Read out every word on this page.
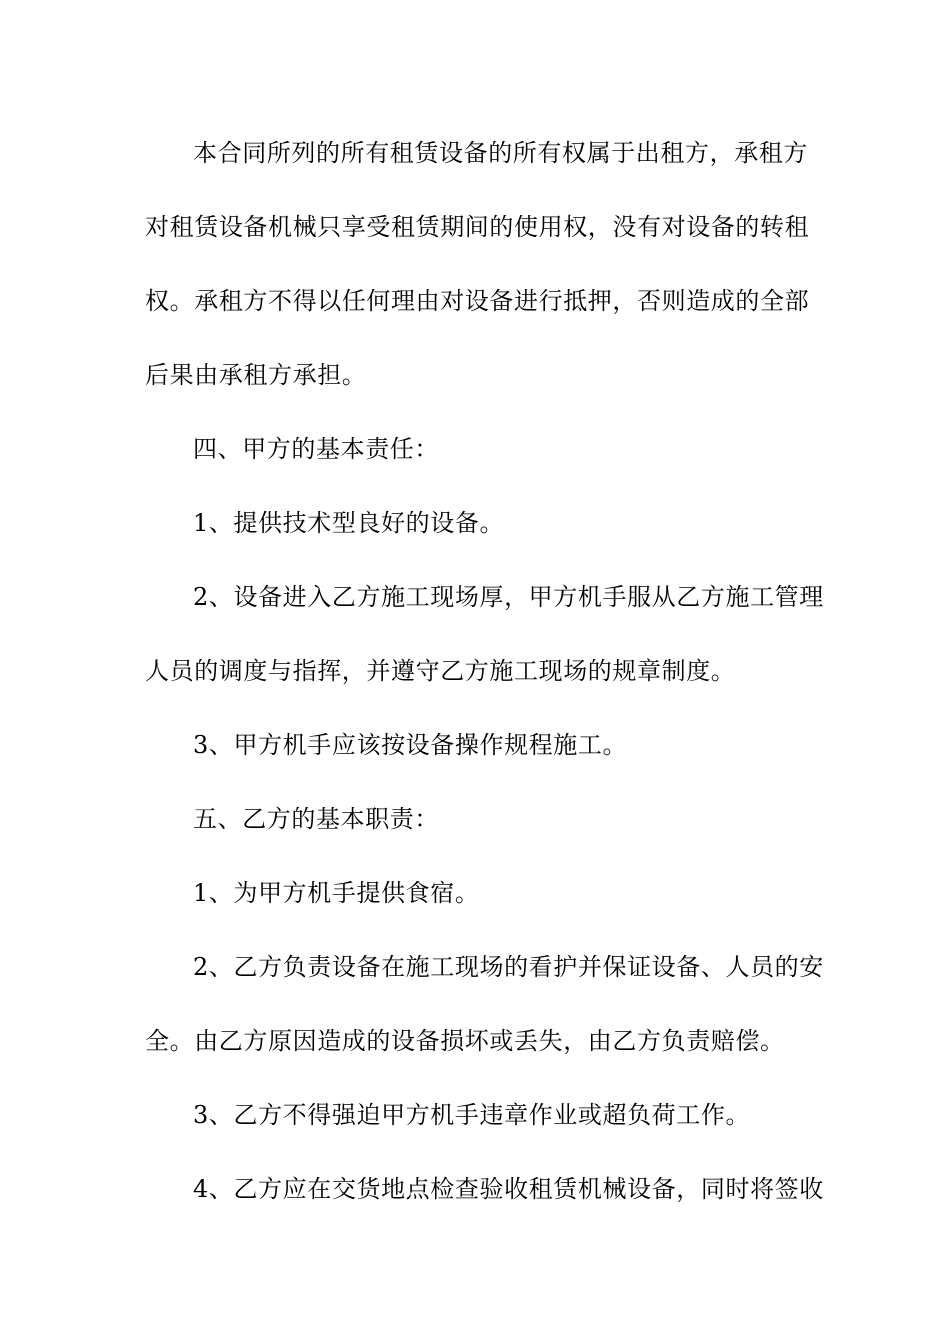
本合同所列的所有租赁设备的所有权属于出租方，承租方
对租赁设备机械只享受租赁期间的使用权，没有对设备的转租
权。承租方不得以任何理由对设备进行抵押，否则造成的全部
后果由承租方承担。
四、甲方的基本责任：
1、提供技术型良好的设备。
2、设备进入乙方施工现场厚，甲方机手服从乙方施工管理
人员的调度与指挥，并遵守乙方施工现场的规章制度。
3、甲方机手应该按设备操作规程施工。
五、乙方的基本职责：
1、为甲方机手提供食宿。
2、乙方负责设备在施工现场的看护并保证设备、人员的安
全。由乙方原因造成的设备损坏或丢失，由乙方负责赔偿。
3、乙方不得强迫甲方机手违章作业或超负荷工作。
4、乙方应在交货地点检查验收租赁机械设备，同时将签收
